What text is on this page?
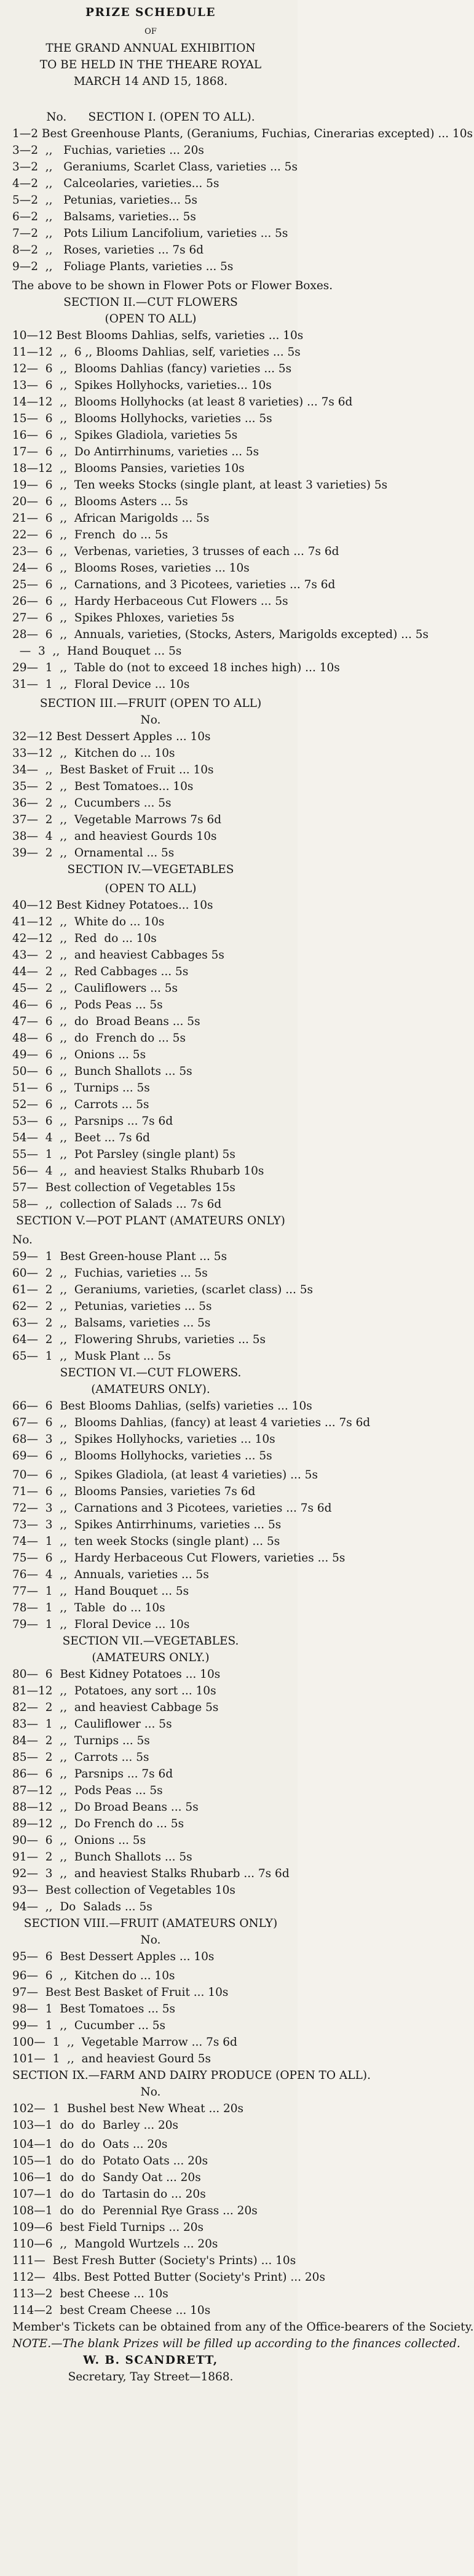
PRIZE SCHEDULE
OF
THE GRAND ANNUAL EXHIBITION
TO BE HELD IN THE THEARE ROYAL
MARCH 14 AND 15, 1868.
No.      SECTION I. (OPEN TO ALL).
1—2 Best Greenhouse Plants, (Geraniums, Fuchias, Cinerarias excepted) ... 10s
3—2  ,,   Fuchias, varieties ... 20s
3—2  ,,   Geraniums, Scarlet Class, varieties ... 5s
4—2  ,,   Calceolaries, varieties... 5s
5—2  ,,   Petunias, varieties... 5s
6—2  ,,   Balsams, varieties... 5s
7—2  ,,   Pots Lilium Lancifolium, varieties ... 5s
8—2  ,,   Roses, varieties ... 7s 6d
9—2  ,,   Foliage Plants, varieties ... 5s
The above to be shown in Flower Pots or Flower Boxes.
SECTION II.—CUT FLOWERS
(OPEN TO ALL)
10—12 Best Blooms Dahlias, selfs, varieties ... 10s
11—12  ,,  6 ,, Blooms Dahlias, self, varieties ... 5s
12—  6  ,,  Blooms Dahlias (fancy) varieties ... 5s
13—  6  ,,  Spikes Hollyhocks, varieties... 10s
14—12  ,,  Blooms Hollyhocks (at least 8 varieties) ... 7s 6d
15—  6  ,,  Blooms Hollyhocks, varieties ... 5s
16—  6  ,,  Spikes Gladiola, varieties 5s
17—  6  ,,  Do Antirrhinums, varieties ... 5s
18—12  ,,  Blooms Pansies, varieties 10s
19—  6  ,,  Ten weeks Stocks (single plant, at least 3 varieties) 5s
20—  6  ,,  Blooms Asters ... 5s
21—  6  ,,  African Marigolds ... 5s
22—  6  ,,  French  do ... 5s
23—  6  ,,  Verbenas, varieties, 3 trusses of each ... 7s 6d
24—  6  ,,  Blooms Roses, varieties ... 10s
25—  6  ,,  Carnations, and 3 Picotees, varieties ... 7s 6d
26—  6  ,,  Hardy Herbaceous Cut Flowers ... 5s
27—  6  ,,  Spikes Phloxes, varieties 5s
28—  6  ,,  Annuals, varieties, (Stocks, Asters, Marigolds excepted) ... 5s
—  3  ,,  Hand Bouquet ... 5s
29—  1  ,,  Table do (not to exceed 18 inches high) ... 10s
31—  1  ,,  Floral Device ... 10s
SECTION III.—FRUIT (OPEN TO ALL)
No.
32—12 Best Dessert Apples ... 10s
33—12  ,,  Kitchen do ... 10s
34—  ,,  Best Basket of Fruit ... 10s
35—  2  ,,  Best Tomatoes... 10s
36—  2  ,,  Cucumbers ... 5s
37—  2  ,,  Vegetable Marrows 7s 6d
38—  4  ,,  and heaviest Gourds 10s
39—  2  ,,  Ornamental ... 5s
SECTION IV.—VEGETABLES
(OPEN TO ALL)
40—12 Best Kidney Potatoes... 10s
41—12  ,,  White do ... 10s
42—12  ,,  Red  do ... 10s
43—  2  ,,  and heaviest Cabbages 5s
44—  2  ,,  Red Cabbages ... 5s
45—  2  ,,  Cauliflowers ... 5s
46—  6  ,,  Pods Peas ... 5s
47—  6  ,,  do  Broad Beans ... 5s
48—  6  ,,  do  French do ... 5s
49—  6  ,,  Onions ... 5s
50—  6  ,,  Bunch Shallots ... 5s
51—  6  ,,  Turnips ... 5s
52—  6  ,,  Carrots ... 5s
53—  6  ,,  Parsnips ... 7s 6d
54—  4  ,,  Beet ... 7s 6d
55—  1  ,,  Pot Parsley (single plant) 5s
56—  4  ,,  and heaviest Stalks Rhubarb 10s
57—  Best collection of Vegetables 15s
58—  ,,  collection of Salads ... 7s 6d
SECTION V.—POT PLANT (AMATEURS ONLY)
No.
59—  1  Best Green-house Plant ... 5s
60—  2  ,,  Fuchias, varieties ... 5s
61—  2  ,,  Geraniums, varieties, (scarlet class) ... 5s
62—  2  ,,  Petunias, varieties ... 5s
63—  2  ,,  Balsams, varieties ... 5s
64—  2  ,,  Flowering Shrubs, varieties ... 5s
65—  1  ,,  Musk Plant ... 5s
SECTION VI.—CUT FLOWERS.
(AMATEURS ONLY).
66—  6  Best Blooms Dahlias, (selfs) varieties ... 10s
67—  6  ,,  Blooms Dahlias, (fancy) at least 4 varieties ... 7s 6d
68—  3  ,,  Spikes Hollyhocks, varieties ... 10s
69—  6  ,,  Blooms Hollyhocks, varieties ... 5s
70—  6  ,,  Spikes Gladiola, (at least 4 varieties) ... 5s
71—  6  ,,  Blooms Pansies, varieties 7s 6d
72—  3  ,,  Carnations and 3 Picotees, varieties ... 7s 6d
73—  3  ,,  Spikes Antirrhinums, varieties ... 5s
74—  1  ,,  ten week Stocks (single plant) ... 5s
75—  6  ,,  Hardy Herbaceous Cut Flowers, varieties ... 5s
76—  4  ,,  Annuals, varieties ... 5s
77—  1  ,,  Hand Bouquet ... 5s
78—  1  ,,  Table  do ... 10s
79—  1  ,,  Floral Device ... 10s
SECTION VII.—VEGETABLES.
(AMATEURS ONLY.)
80—  6  Best Kidney Potatoes ... 10s
81—12  ,,  Potatoes, any sort ... 10s
82—  2  ,,  and heaviest Cabbage 5s
83—  1  ,,  Cauliflower ... 5s
84—  2  ,,  Turnips ... 5s
85—  2  ,,  Carrots ... 5s
86—  6  ,,  Parsnips ... 7s 6d
87—12  ,,  Pods Peas ... 5s
88—12  ,,  Do Broad Beans ... 5s
89—12  ,,  Do French do ... 5s
90—  6  ,,  Onions ... 5s
91—  2  ,,  Bunch Shallots ... 5s
92—  3  ,,  and heaviest Stalks Rhubarb ... 7s 6d
93—  Best collection of Vegetables 10s
94—  ,,  Do  Salads ... 5s
SECTION VIII.—FRUIT (AMATEURS ONLY)
No.
95—  6  Best Dessert Apples ... 10s
96—  6  ,,  Kitchen do ... 10s
97—  Best Best Basket of Fruit ... 10s
98—  1  Best Tomatoes ... 5s
99—  1  ,,  Cucumber ... 5s
100—  1  ,,  Vegetable Marrow ... 7s 6d
101—  1  ,,  and heaviest Gourd 5s
SECTION IX.—FARM AND DAIRY PRODUCE (OPEN TO ALL).
No.
102—  1  Bushel best New Wheat ... 20s
103—1  do  do  Barley ... 20s
104—1  do  do  Oats ... 20s
105—1  do  do  Potato Oats ... 20s
106—1  do  do  Sandy Oat ... 20s
107—1  do  do  Tartasin do ... 20s
108—1  do  do  Perennial Rye Grass ... 20s
109—6  best Field Turnips ... 20s
110—6  ,,  Mangold Wurtzels ... 20s
111—  Best Fresh Butter (Society's Prints) ... 10s
112—  4lbs. Best Potted Butter (Society's Print) ... 20s
113—2  best Cheese ... 10s
114—2  best Cream Cheese ... 10s
Member's Tickets can be obtained from any of the Office-bearers of the Society.
NOTE.—The blank Prizes will be filled up according to the finances collected.
W. B. SCANDRETT,
Secretary, Tay Street—1868.
